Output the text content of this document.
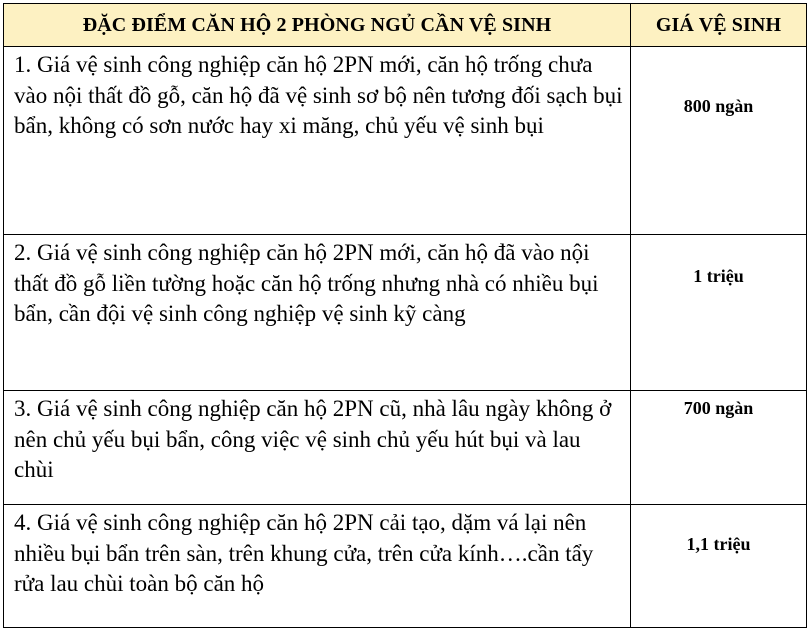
ĐẶC ĐIỂM CĂN HỘ 2 PHÒNG NGỦ CẦN VỆ SINH	GIÁ VỆ SINH
1. Giá vệ sinh công nghiệp căn hộ 2PN mới, căn hộ trống chưa vào nội thất đồ gỗ, căn hộ đã vệ sinh sơ bộ nên tương đối sạch bụi bẩn, không có sơn nước hay xi măng, chủ yếu vệ sinh bụi	800 ngàn
2. Giá vệ sinh công nghiệp căn hộ 2PN mới, căn hộ đã vào nội thất đồ gỗ liền tường hoặc căn hộ trống nhưng nhà có nhiều bụi bẩn, cần đội vệ sinh công nghiệp vệ sinh kỹ càng	1 triệu
3. Giá vệ sinh công nghiệp căn hộ 2PN cũ, nhà lâu ngày không ở nên chủ yếu bụi bẩn, công việc vệ sinh chủ yếu hút bụi và lau chùi	700 ngàn
4. Giá vệ sinh công nghiệp căn hộ 2PN cải tạo, dặm vá lại nên nhiều bụi bẩn trên sàn, trên khung cửa, trên cửa kính….cần tẩy rửa lau chùi toàn bộ căn hộ	1,1 triệu
